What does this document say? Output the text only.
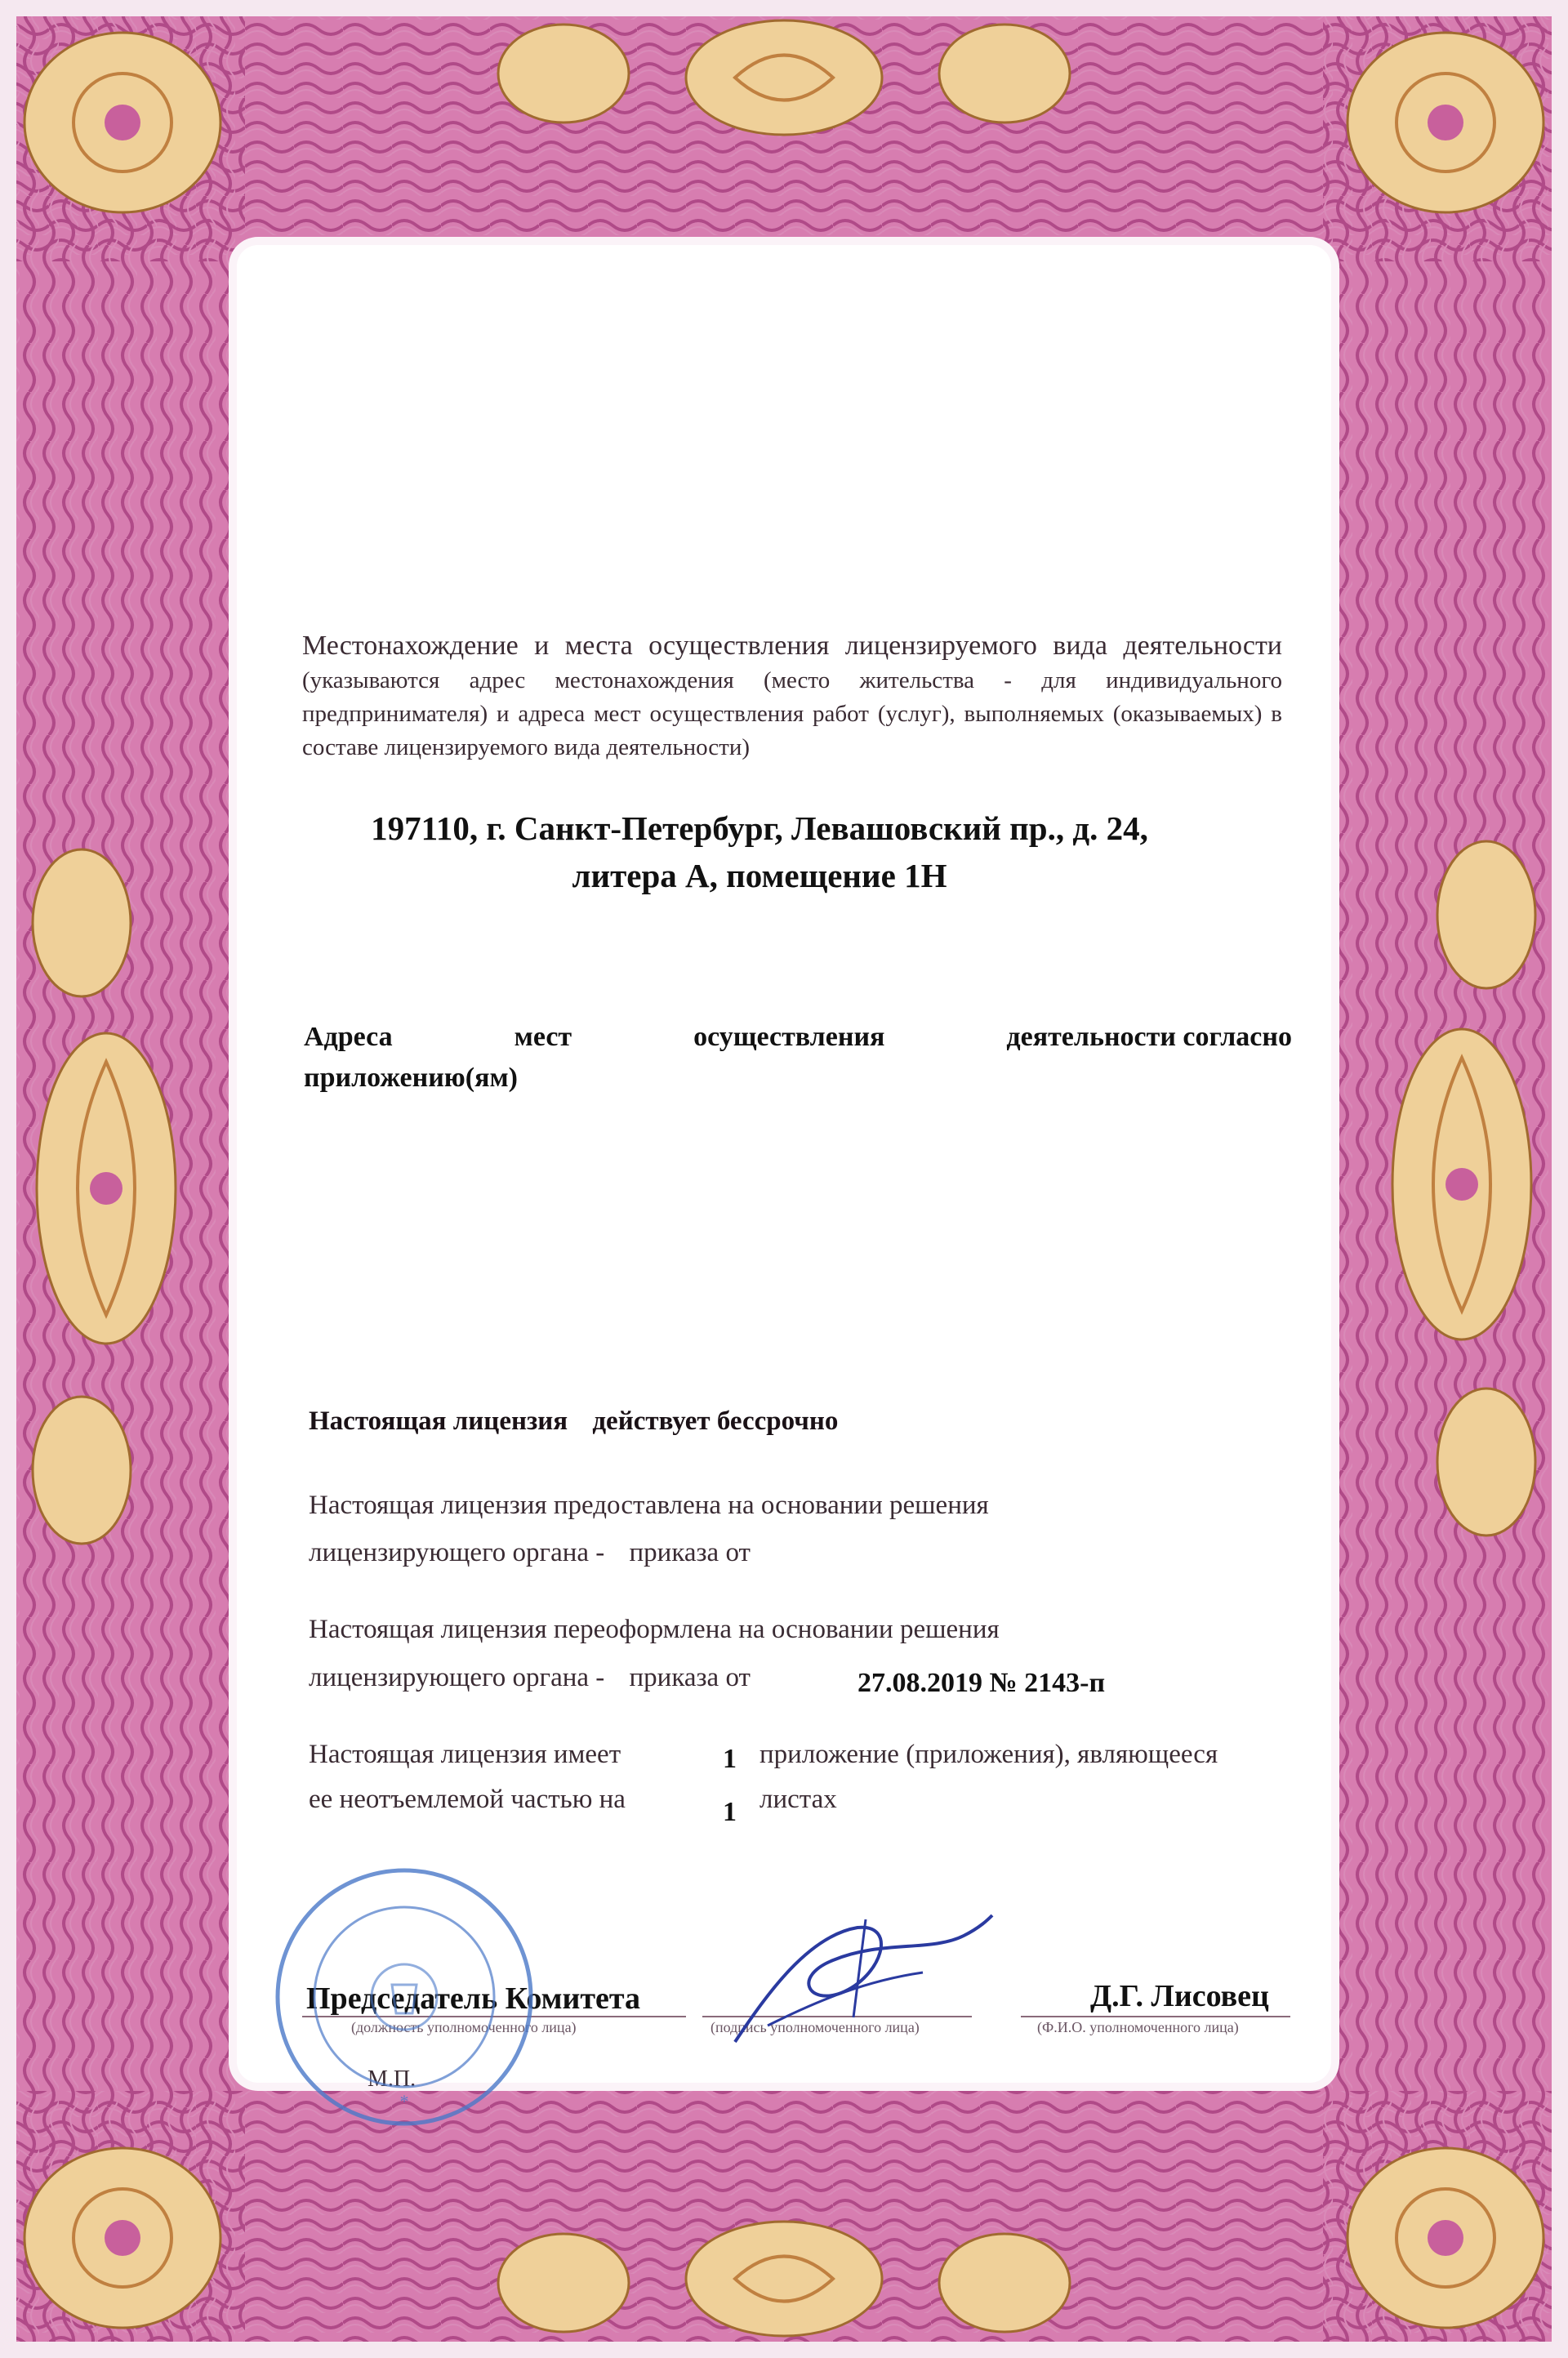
Местонахождение и места осуществления лицензируемого вида деятельности (указываются адрес местонахождения (место жительства - для индивидуального предпринимателя) и адреса мест осуществления работ (услуг), выполняемых (оказываемых) в составе лицензируемого вида деятельности)
197110, г. Санкт-Петербург, Левашовский пр., д. 24,
литера А, помещение 1Н
Адреса	мест	осуществления	деятельности согласно
приложению(ям)
Настоящая лицензия действует бессрочно
Настоящая лицензия предоставлена на основании решения
лицензирующего органа - приказа от
Настоящая лицензия переоформлена на основании решения
лицензирующего органа - приказа от	27.08.2019 № 2143-п
Настоящая лицензия имеет	1 приложение (приложения), являющееся
ее неотъемлемой частью на	1 листах
*
Председатель Комитета
(должность уполномоченного лица)	(подпись уполномоченного лица)
Д.Г. Лисовец
(Ф.И.О. уполномоченного лица)
М.П.
